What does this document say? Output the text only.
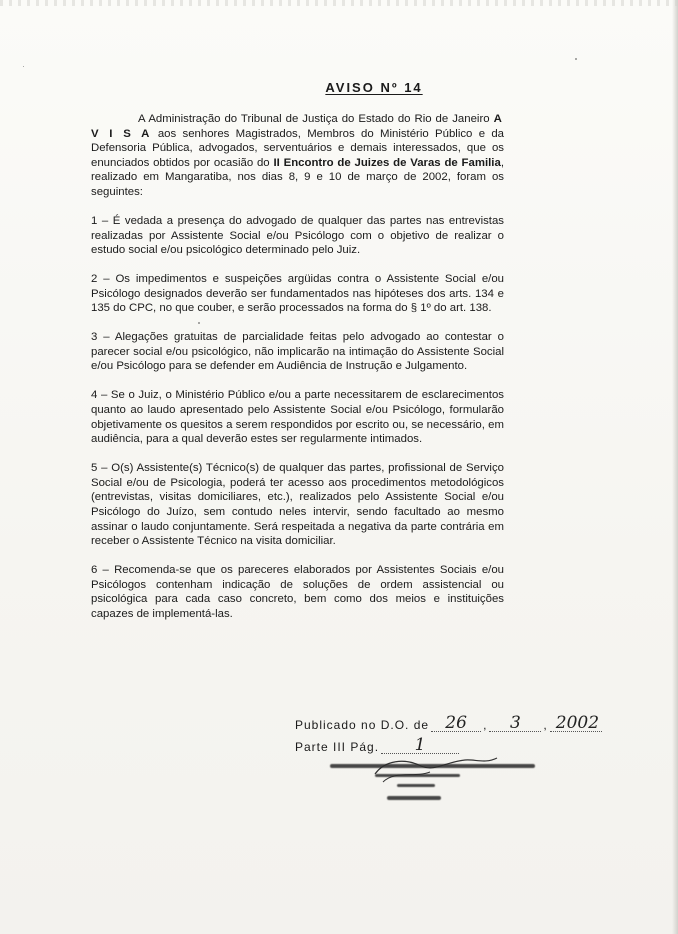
AVISO Nº 14

A Administração do Tribunal de Justiça do Estado do Rio de Janeiro A V I S A aos senhores Magistrados, Membros do Ministério Público e da Defensoria Pública, advogados, serventuários e demais interessados, que os enunciados obtidos por ocasião do II Encontro de Juizes de Varas de Familia, realizado em Mangaratiba, nos dias 8, 9 e 10 de março de 2002, foram os seguintes:

1 – É vedada a presença do advogado de qualquer das partes nas entrevistas realizadas por Assistente Social e/ou Psicólogo com o objetivo de realizar o estudo social e/ou psicológico determinado pelo Juiz.

2 – Os impedimentos e suspeições argüidas contra o Assistente Social e/ou Psicólogo designados deverão ser fundamentados nas hipóteses dos arts. 134 e 135 do CPC, no que couber, e serão processados na forma do § 1º do art. 138.

3 – Alegações gratuitas de parcialidade feitas pelo advogado ao contestar o parecer social e/ou psicológico, não implicarão na intimação do Assistente Social e/ou Psicólogo para se defender em Audiência de Instrução e Julgamento.

4 – Se o Juiz, o Ministério Público e/ou a parte necessitarem de esclarecimentos quanto ao laudo apresentado pelo Assistente Social e/ou Psicólogo, formularão objetivamente os quesitos a serem respondidos por escrito ou, se necessário, em audiência, para a qual deverão estes ser regularmente intimados.

5 – O(s) Assistente(s) Técnico(s) de qualquer das partes, profissional de Serviço Social e/ou de Psicologia, poderá ter acesso aos procedimentos metodológicos (entrevistas, visitas domiciliares, etc.), realizados pelo Assistente Social e/ou Psicólogo do Juízo, sem contudo neles intervir, sendo facultado ao mesmo assinar o laudo conjuntamente. Será respeitada a negativa da parte contrária em receber o Assistente Técnico na visita domiciliar.

6 – Recomenda-se que os pareceres elaborados por Assistentes Sociais e/ou Psicólogos contenham indicação de soluções de ordem assistencial ou psicológica para cada caso concreto, bem como dos meios e instituições capazes de implementá-las.

Publicado no D.O. de 26	,	3	, 2002
Parte III Pág.	1
